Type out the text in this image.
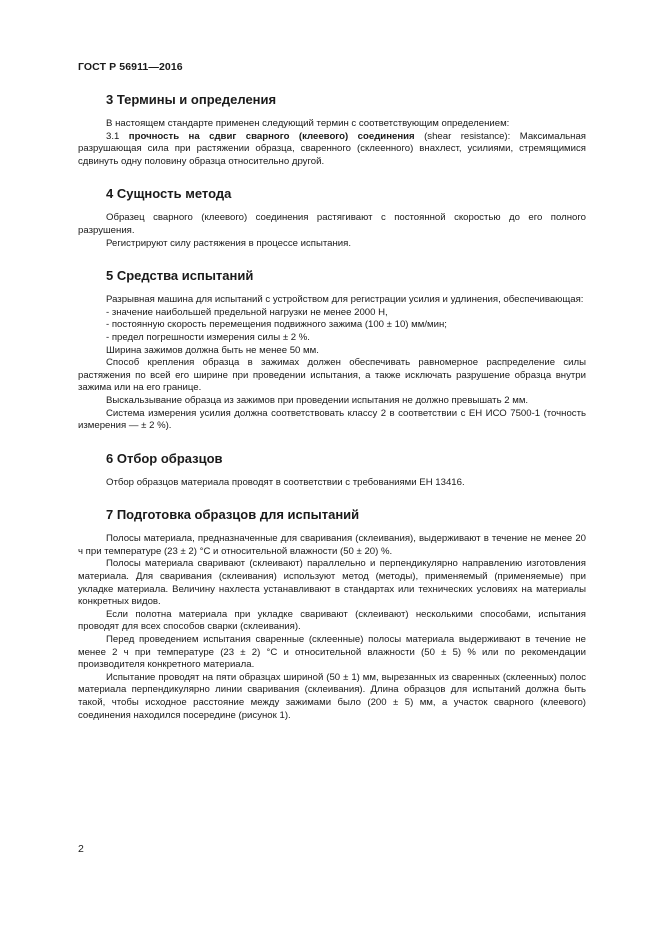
ГОСТ Р 56911—2016
3 Термины и определения

В настоящем стандарте применен следующий термин с соответствующим определением:

3.1 прочность на сдвиг сварного (клеевого) соединения (shear resistance): Максимальная разрушающая сила при растяжении образца, сваренного (склеенного) внахлест, усилиями, стремящимися сдвинуть одну половину образца относительно другой.

4 Сущность метода

Образец сварного (клеевого) соединения растягивают с постоянной скоростью до его полного разрушения.

Регистрируют силу растяжения в процессе испытания.

5 Средства испытаний

Разрывная машина для испытаний с устройством для регистрации усилия и удлинения, обеспечивающая:

- значение наибольшей предельной нагрузки не менее 2000 Н,

- постоянную скорость перемещения подвижного зажима (100 ± 10) мм/мин;

- предел погрешности измерения силы ± 2 %.

Ширина зажимов должна быть не менее 50 мм.

Способ крепления образца в зажимах должен обеспечивать равномерное распределение силы растяжения по всей его ширине при проведении испытания, а также исключать разрушение образца внутри зажима или на его границе.

Выскальзывание образца из зажимов при проведении испытания не должно превышать 2 мм.

Система измерения усилия должна соответствовать классу 2 в соответствии с ЕН ИСО 7500-1 (точность измерения — ± 2 %).

6 Отбор образцов

Отбор образцов материала проводят в соответствии с требованиями ЕН 13416.

7 Подготовка образцов для испытаний

Полосы материала, предназначенные для сваривания (склеивания), выдерживают в течение не менее 20 ч при температуре (23 ± 2) °С и относительной влажности (50 ± 20) %.

Полосы материала сваривают (склеивают) параллельно и перпендикулярно направлению изготовления материала. Для сваривания (склеивания) используют метод (методы), применяемый (применяемые) при укладке материала. Величину нахлеста устанавливают в стандартах или технических условиях на материалы конкретных видов.

Если полотна материала при укладке сваривают (склеивают) несколькими способами, испытания проводят для всех способов сварки (склеивания).

Перед проведением испытания сваренные (склеенные) полосы материала выдерживают в течение не менее 2 ч при температуре (23 ± 2) °С и относительной влажности (50 ± 5) % или по рекомендации производителя конкретного материала.

Испытание проводят на пяти образцах шириной (50 ± 1) мм, вырезанных из сваренных (склеенных) полос материала перпендикулярно линии сваривания (склеивания). Длина образцов для испытаний должна быть такой, чтобы исходное расстояние между зажимами было (200 ± 5) мм, а участок сварного (клеевого) соединения находился посередине (рисунок 1).

2
